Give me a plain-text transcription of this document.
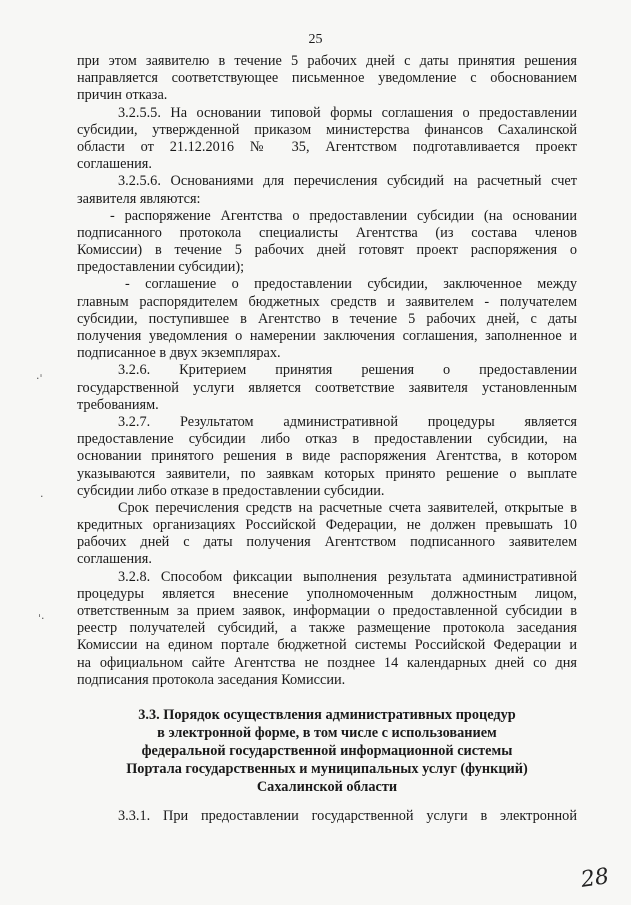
25
·ˈ
·
ˈ·
при этом заявителю в течение 5 рабочих дней с даты принятия решения
направляется соответствующее письменное уведомление с обоснованием
причин отказа.
3.2.5.5. На основании типовой формы соглашения о предоставлении
субсидии, утвержденной приказом министерства финансов Сахалинской
области от 21.12.2016 № 35, Агентством подготавливается проект
соглашения.
3.2.5.6. Основаниями для перечисления субсидий на расчетный счет
заявителя являются:
- распоряжение Агентства о предоставлении субсидии (на основании
подписанного протокола специалисты Агентства (из состава членов
Комиссии) в течение 5 рабочих дней готовят проект распоряжения о
предоставлении субсидии);
- соглашение о предоставлении субсидии, заключенное между
главным распорядителем бюджетных средств и заявителем - получателем
субсидии, поступившее в Агентство в течение 5 рабочих дней, с даты
получения уведомления о намерении заключения соглашения, заполненное и
подписанное в двух экземплярах.
3.2.6. Критерием принятия решения о предоставлении
государственной услуги является соответствие заявителя установленным
требованиям.
3.2.7. Результатом административной процедуры является
предоставление субсидии либо отказ в предоставлении субсидии, на
основании принятого решения в виде распоряжения Агентства, в котором
указываются заявители, по заявкам которых принято решение о выплате
субсидии либо отказе в предоставлении субсидии.
Срок перечисления средств на расчетные счета заявителей, открытые в
кредитных организациях Российской Федерации, не должен превышать 10
рабочих дней с даты получения Агентством подписанного заявителем
соглашения.
3.2.8. Способом фиксации выполнения результата административной
процедуры является внесение уполномоченным должностным лицом,
ответственным за прием заявок, информации о предоставленной субсидии в
реестр получателей субсидий, а также размещение протокола заседания
Комиссии на едином портале бюджетной системы Российской Федерации и
на официальном сайте Агентства не позднее 14 календарных дней со дня
подписания протокола заседания Комиссии.
3.3. Порядок осуществления административных процедур
в электронной форме, в том числе с использованием
федеральной государственной информационной системы
Портала государственных и муниципальных услуг (функций)
Сахалинской области
3.3.1. При предоставлении государственной услуги в электронной
28
